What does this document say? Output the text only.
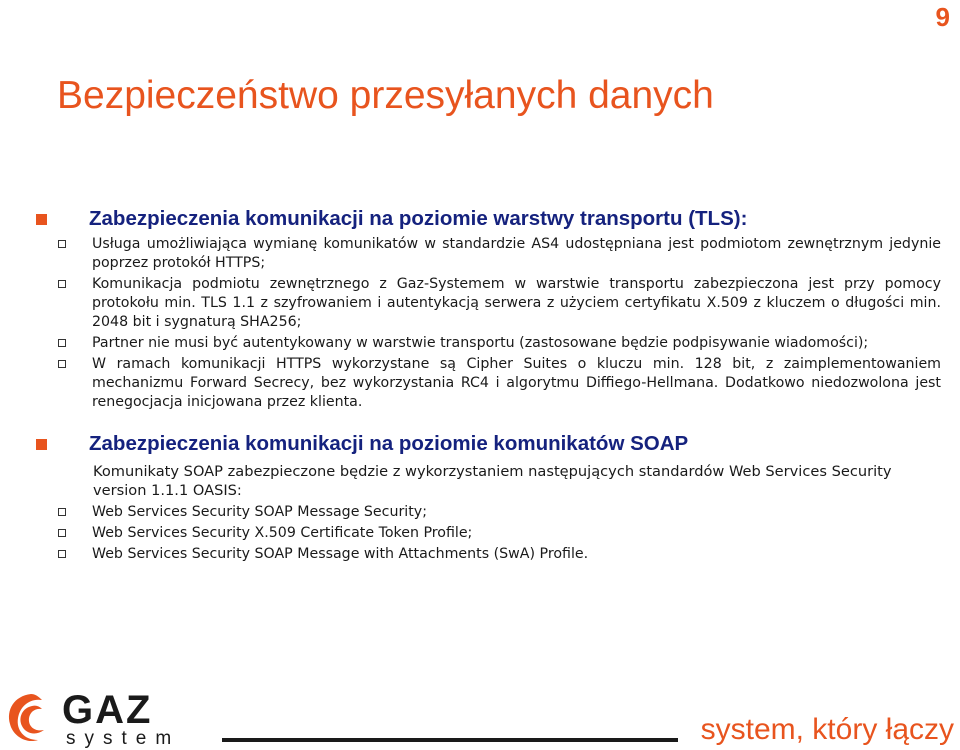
9
Bezpieczeństwo przesyłanych danych
Zabezpieczenia komunikacji na poziomie warstwy transportu (TLS):
Usługa umożliwiająca wymianę komunikatów w standardzie AS4 udostępniana jest podmiotom zewnętrznym jedynie poprzez protokół HTTPS;
Komunikacja podmiotu zewnętrznego z Gaz-Systemem w warstwie transportu zabezpieczona jest przy pomocy protokołu min. TLS 1.1 z szyfrowaniem i autentykacją serwera z użyciem certyfikatu X.509 z kluczem o długości min. 2048 bit i sygnaturą SHA256;
Partner nie musi być autentykowany w warstwie transportu (zastosowane będzie podpisywanie wiadomości);
W ramach komunikacji HTTPS wykorzystane są Cipher Suites o kluczu min. 128 bit, z zaimplementowaniem mechanizmu Forward Secrecy, bez wykorzystania RC4 i algorytmu Diffiego-Hellmana. Dodatkowo niedozwolona jest renegocjacja inicjowana przez klienta.
Zabezpieczenia komunikacji na poziomie komunikatów SOAP
Komunikaty SOAP zabezpieczone będzie z wykorzystaniem następujących standardów Web Services Security version 1.1.1 OASIS:
Web Services Security SOAP Message Security;
Web Services Security X.509 Certificate Token Profile;
Web Services Security SOAP Message with Attachments (SwA) Profile.
GAZ
system	system, który łączy
